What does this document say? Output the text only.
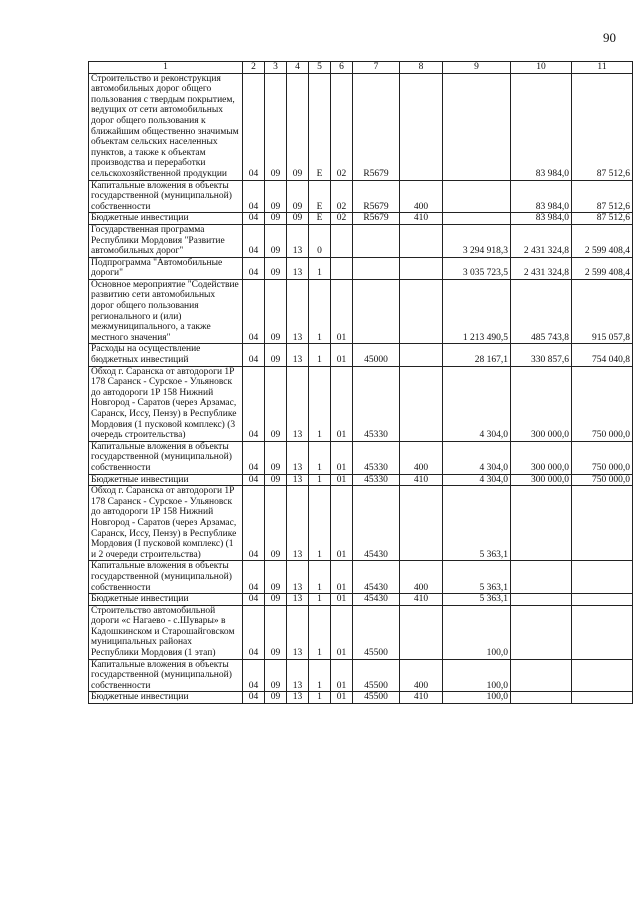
90
1	2	3	4	5	6	7	8	9	10	11
Строительство и реконструкция автомобильных дорог общего пользования с твердым покрытием, ведущих от сети автомобильных дорог общего пользования к ближайшим общественно значимым объектам сельских населенных пунктов, а также к объектам производства и переработки сельскохозяйственной продукции	04	09	09	Е	02	R5679			83 984,0	87 512,6
Капитальные вложения в объекты государственной (муниципальной) собственности	04	09	09	Е	02	R5679	400		83 984,0	87 512,6
Бюджетные инвестиции	04	09	09	Е	02	R5679	410		83 984,0	87 512,6
Государственная программа Республики Мордовия "Развитие автомобильных дорог"	04	09	13	0				3 294 918,3	2 431 324,8	2 599 408,4
Подпрограмма "Автомобильные дороги"	04	09	13	1				3 035 723,5	2 431 324,8	2 599 408,4
Основное мероприятие "Содействие развитию сети автомобильных дорог общего пользования регионального и (или) межмуниципального, а также местного значения"	04	09	13	1	01			1 213 490,5	485 743,8	915 057,8
Расходы на осуществление бюджетных инвестиций	04	09	13	1	01	45000		28 167,1	330 857,6	754 040,8
Обход г. Саранска от автодороги 1Р 178 Саранск - Сурское - Ульяновск до автодороги 1Р 158 Нижний Новгород - Саратов (через Арзамас, Саранск, Исcу, Пензу) в Республике Мордовия (1 пусковой комплекс) (3 очередь строительства)	04	09	13	1	01	45330		4 304,0	300 000,0	750 000,0
Капитальные вложения в объекты государственной (муниципальной) собственности	04	09	13	1	01	45330	400	4 304,0	300 000,0	750 000,0
Бюджетные инвестиции	04	09	13	1	01	45330	410	4 304,0	300 000,0	750 000,0
Обход г. Саранска от автодороги 1Р 178 Саранск - Сурское - Ульяновск до автодороги 1Р 158 Нижний Новгород - Саратов (через Арзамас, Саранск, Иссу, Пензу) в Республике Мордовия (I пусковой комплекс) (1 и 2 очереди строительства)	04	09	13	1	01	45430		5 363,1		
Капитальные вложения в объекты государственной (муниципальной) собственности	04	09	13	1	01	45430	400	5 363,1		
Бюджетные инвестиции	04	09	13	1	01	45430	410	5 363,1		
Строительство автомобильной дороги «с Нагаево - с.Шувары» в Кадошкинском и Старошайговском муниципальных районах Республики Мордовия (1 этап)	04	09	13	1	01	45500		100,0		
Капитальные вложения в объекты государственной (муниципальной) собственности	04	09	13	1	01	45500	400	100,0		
Бюджетные инвестиции	04	09	13	1	01	45500	410	100,0		
